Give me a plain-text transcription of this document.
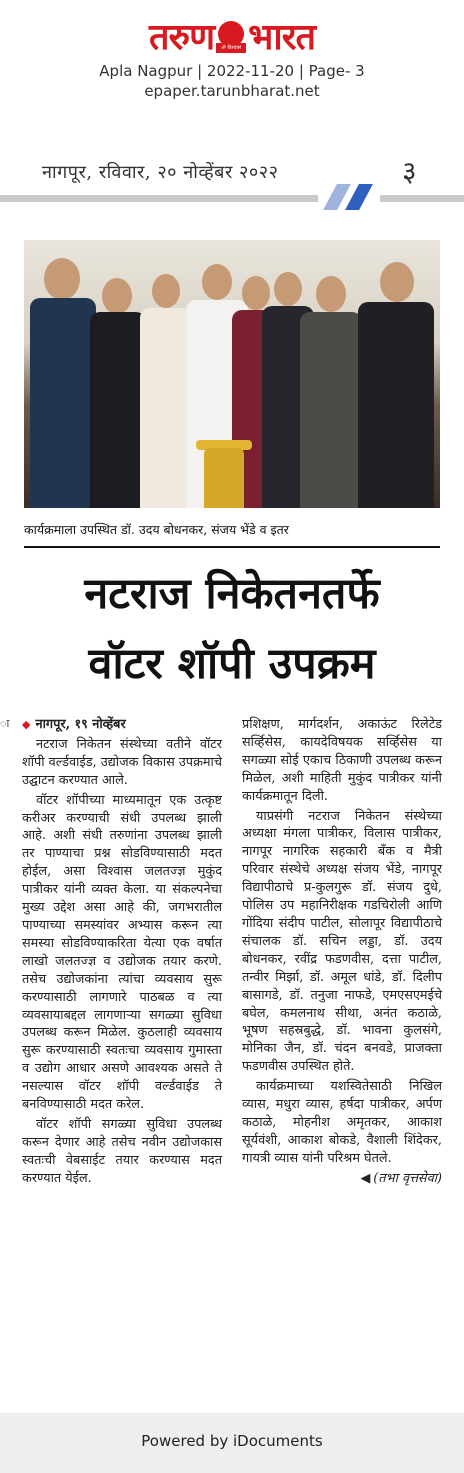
तरुण	ॐ विश्वासं भारत
Apla Nagpur | 2022-11-20 | Page- 3
epaper.tarunbharat.net
नागपूर, रविवार, २० नोव्हेंबर २०२२	३
कार्यक्रमाला उपस्थित डॉ. उदय बोधनकर, संजय भेंडे व इतर
नटराज निकेतनतर्फे
वॉटर शॉपी उपक्रम
ा ◆ नागपूर, १९ नोव्हेंबर

नटराज निकेतन संस्थेच्या वतीने वॉटर शॉपी वर्ल्डवाईड, उद्योजक विकास उपक्रमाचे उद्घाटन करण्यात आले.

वॉटर शॉपीच्या माध्यमातून एक उत्कृष्ट करीअर करण्याची संधी उपलब्ध झाली आहे. अशी संधी तरुणांना उपलब्ध झाली तर पाण्याचा प्रश्न सोडविण्यासाठी मदत होईल, असा विश्वास जलतज्ज्ञ मुकुंद पात्रीकर यांनी व्यक्त केला. या संकल्पनेचा मुख्य उद्देश असा आहे की, जगभरातील पाण्याच्या समस्यांवर अभ्यास करून त्या समस्या सोडविण्याकरिता येत्या एक वर्षात लाखो जलतज्ज्ञ व उद्योजक तयार करणे. तसेच उद्योजकांना त्यांचा व्यवसाय सुरू करण्यासाठी लागणारे पाठबळ व त्या व्यवसायाबद्दल लागणाऱ्या सगळ्या सुविधा उपलब्ध करून मिळेल. कुठलाही व्यवसाय सुरू करण्यासाठी स्वतःचा व्यवसाय गुमास्ता व उद्योग आधार असणे आवश्यक असते ते नसल्यास वॉटर शॉपी वर्ल्डवाईड ते बनविण्यासाठी मदत करेल.

वॉटर शॉपी सगळ्या सुविधा उपलब्ध करून देणार आहे तसेच नवीन उद्योजकास स्वतःची वेबसाईट तयार करण्यास मदत करण्यात येईल.

प्रशिक्षण, मार्गदर्शन, अकाऊंट रिलेटेड सर्व्हिसेस, कायदेविषयक सर्व्हिसेस या सगळ्या सोई एकाच ठिकाणी उपलब्ध करून मिळेल, अशी माहिती मुकुंद पात्रीकर यांनी कार्यक्रमातून दिली.

याप्रसंगी नटराज निकेतन संस्थेच्या अध्यक्षा मंगला पात्रीकर, विलास पात्रीकर, नागपूर नागरिक सहकारी बँक व मैत्री परिवार संस्थेचे अध्यक्ष संजय भेंडे, नागपूर विद्यापीठाचे प्र-कुलगुरू डॉ. संजय दुधे, पोलिस उप महानिरीक्षक गडचिरोली आणि गोंदिया संदीप पाटील, सोलापूर विद्यापीठाचे संचालक डॉ. सचिन लड्डा, डॉ. उदय बोधनकर, रवींद्र फडणवीस, दत्ता पाटील, तन्वीर मिर्झा, डॉ. अमूल धांडे, डॉ. दिलीप बासागडे, डॉ. तनुजा नाफडे, एमएसएमईचे बघेल, कमलनाथ सीथा, अनंत कठाळे, भूषण सहस्रबुद्धे, डॉ. भावना कुलसंगे, मोनिका जैन, डॉ. चंदन बनवडे, प्राजक्ता फडणवीस उपस्थित होते.

कार्यक्रमाच्या यशस्वितेसाठी निखिल व्यास, मधुरा व्यास, हर्षदा पात्रीकर, अर्पण कठाळे, मोहनीश अमृतकर, आकाश सूर्यवंशी, आकाश बोकडे, वैशाली शिंदेकर, गायत्री व्यास यांनी परिश्रम घेतले.

◀ (तभा वृत्तसेवा)

Powered by iDocuments
